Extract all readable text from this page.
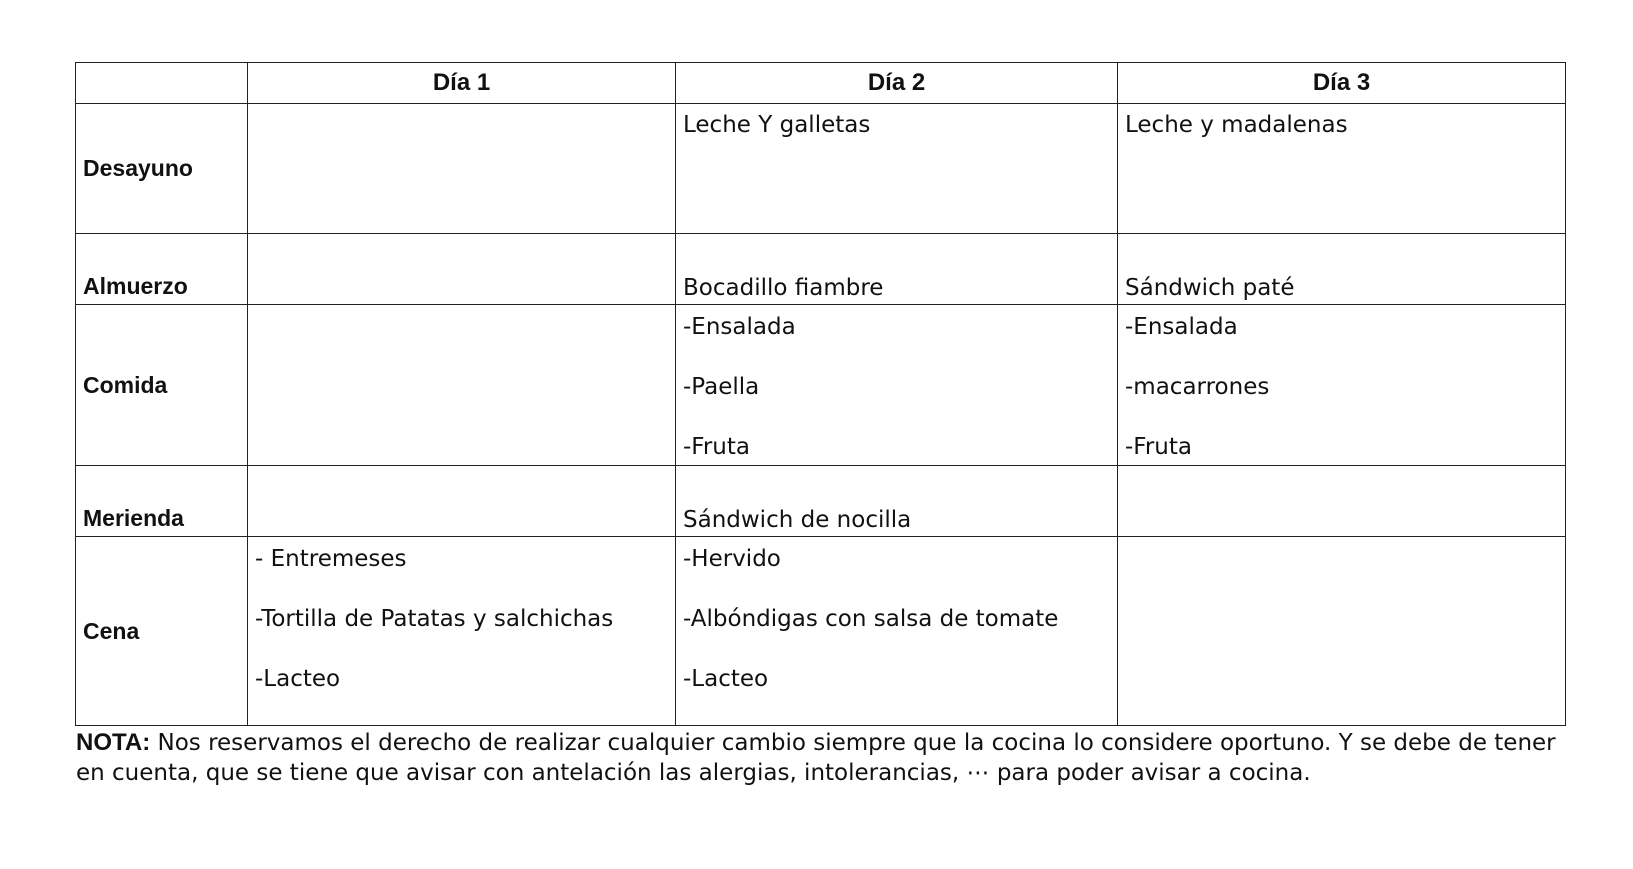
	Día 1	Día 2	Día 3

Desayuno		Leche Y galletas	Leche y madalenas

Almuerzo		Bocadillo fiambre	Sándwich paté

Comida		-Ensalada
-Paella
-Fruta	-Ensalada
-macarrones
-Fruta

Merienda		Sándwich de nocilla	

Cena	- Entremeses
-Tortilla de Patatas y salchichas
-Lacteo	-Hervido
-Albóndigas con salsa de tomate
-Lacteo	

NOTA: Nos reservamos el derecho de realizar cualquier cambio siempre que la cocina lo considere oportuno. Y se debe de tener en cuenta, que se tiene que avisar con antelación las alergias, intolerancias, ⋯ para poder avisar a cocina.
